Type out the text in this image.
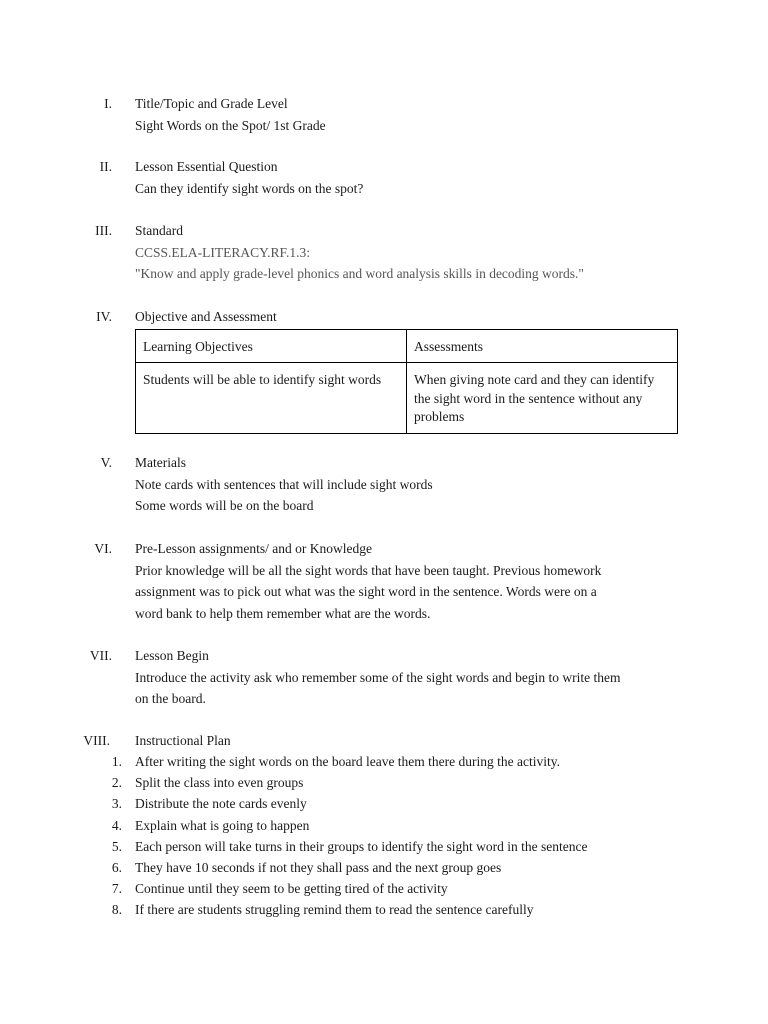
I. Title/Topic and Grade Level
Sight Words on the Spot/ 1st Grade
II. Lesson Essential Question
Can they identify sight words on the spot?
III. Standard
CCSS.ELA-LITERACY.RF.1.3:
"Know and apply grade-level phonics and word analysis skills in decoding words."
IV. Objective and Assessment
Learning Objectives	Assessments
Students will be able to identify sight words	When giving note card and they can identify the sight word in the sentence without any problems
V. Materials
Note cards with sentences that will include sight words
Some words will be on the board
VI. Pre-Lesson assignments/ and or Knowledge
Prior knowledge will be all the sight words that have been taught. Previous homework
assignment was to pick out what was the sight word in the sentence. Words were on a
word bank to help them remember what are the words.
VII. Lesson Begin
Introduce the activity ask who remember some of the sight words and begin to write them
on the board.
VIII. Instructional Plan
1. After writing the sight words on the board leave them there during the activity.
2. Split the class into even groups
3. Distribute the note cards evenly
4. Explain what is going to happen
5. Each person will take turns in their groups to identify the sight word in the sentence
6. They have 10 seconds if not they shall pass and the next group goes
7. Continue until they seem to be getting tired of the activity
8. If there are students struggling remind them to read the sentence carefully
